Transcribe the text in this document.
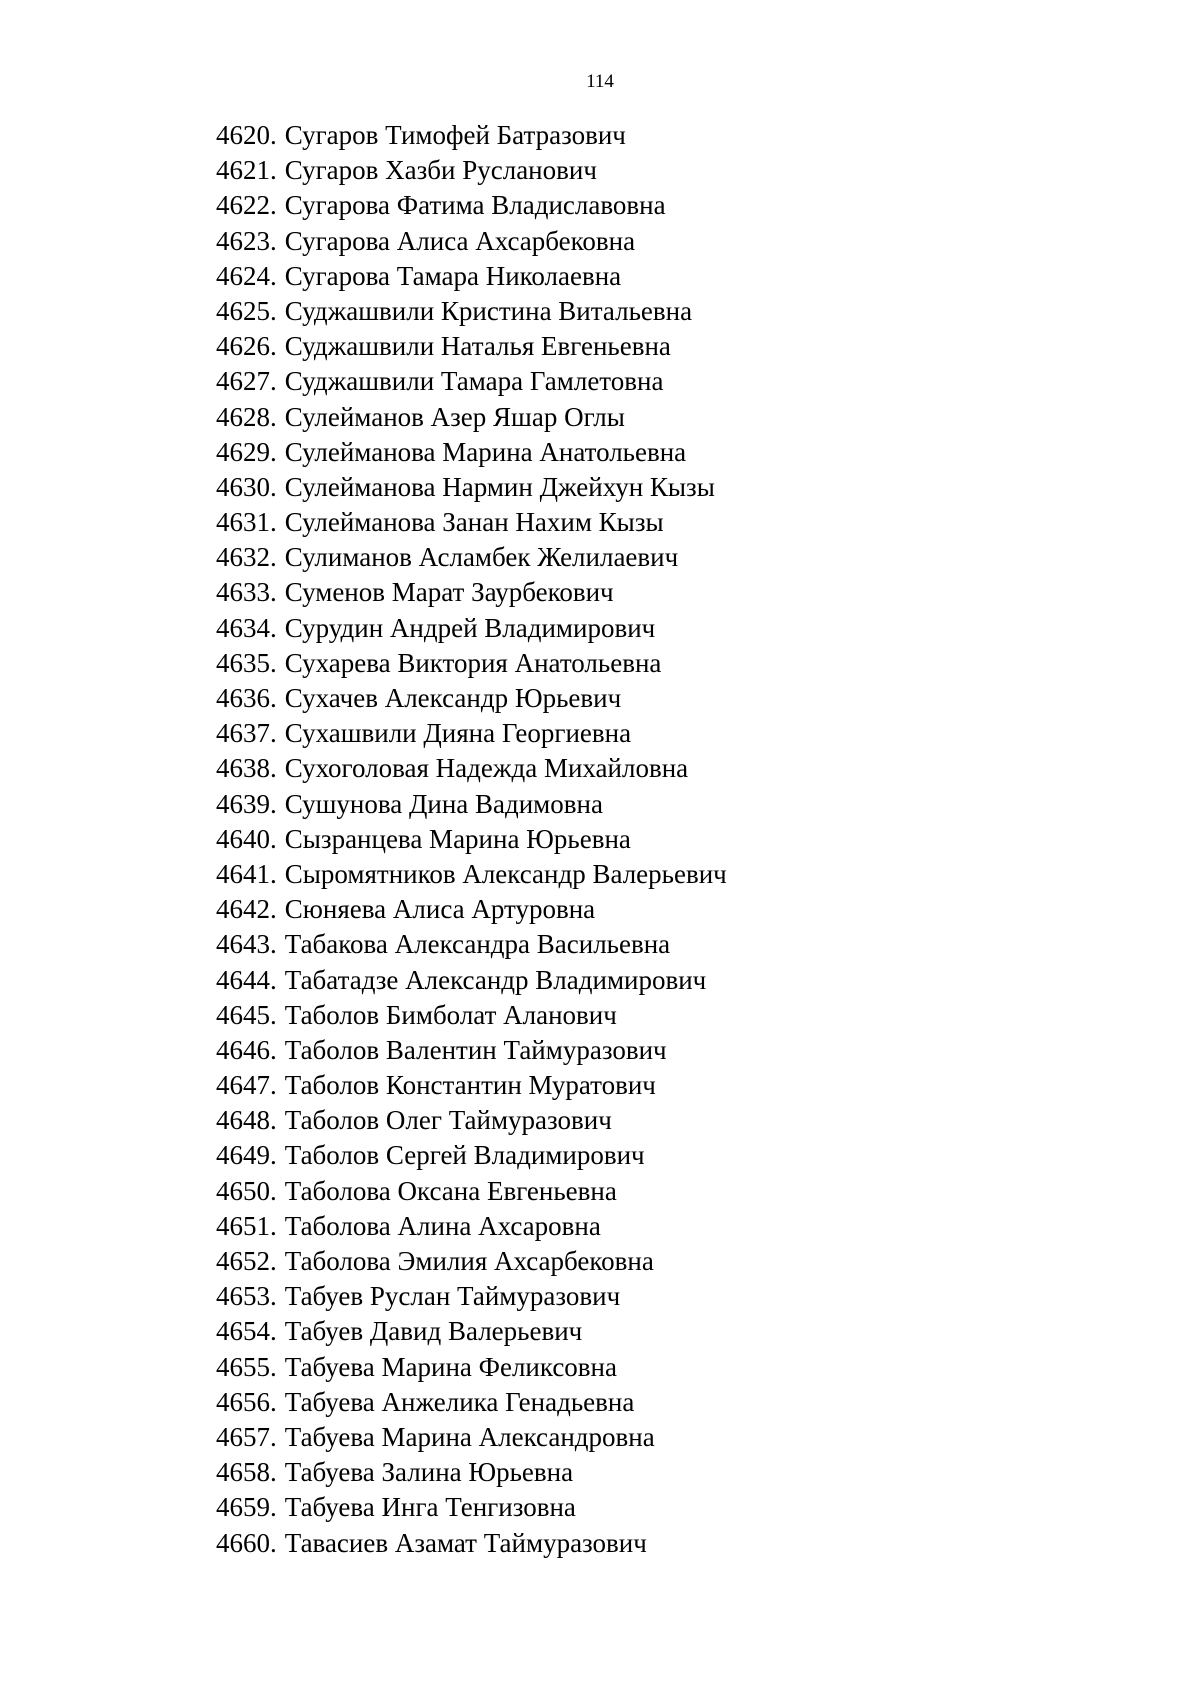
114
4620. Сугаров Тимофей Батразович
4621. Сугаров Хазби Русланович
4622. Сугарова Фатима Владиславовна
4623. Сугарова Алиса Ахсарбековна
4624. Сугарова Тамара Николаевна
4625. Суджашвили Кристина Витальевна
4626. Суджашвили Наталья Евгеньевна
4627. Суджашвили Тамара Гамлетовна
4628. Сулейманов Азер Яшар Оглы
4629. Сулейманова Марина Анатольевна
4630. Сулейманова Нармин Джейхун Кызы
4631. Сулейманова Занан Нахим Кызы
4632. Сулиманов Асламбек Желилаевич
4633. Суменов Марат Заурбекович
4634. Сурудин Андрей Владимирович
4635. Сухарева Виктория Анатольевна
4636. Сухачев Александр Юрьевич
4637. Сухашвили Дияна Георгиевна
4638. Сухоголовая Надежда Михайловна
4639. Сушунова Дина Вадимовна
4640. Сызранцева Марина Юрьевна
4641. Сыромятников Александр Валерьевич
4642. Сюняева Алиса Артуровна
4643. Табакова Александра Васильевна
4644. Табатадзе Александр Владимирович
4645. Таболов Бимболат Аланович
4646. Таболов Валентин Таймуразович
4647. Таболов Константин Муратович
4648. Таболов Олег Таймуразович
4649. Таболов Сергей Владимирович
4650. Таболова Оксана Евгеньевна
4651. Таболова Алина Ахсаровна
4652. Таболова Эмилия Ахсарбековна
4653. Табуев Руслан Таймуразович
4654. Табуев Давид Валерьевич
4655. Табуева Марина Феликсовна
4656. Табуева Анжелика Генадьевна
4657. Табуева Марина Александровна
4658. Табуева Залина Юрьевна
4659. Табуева Инга Тенгизовна
4660. Тавасиев Азамат Таймуразович
